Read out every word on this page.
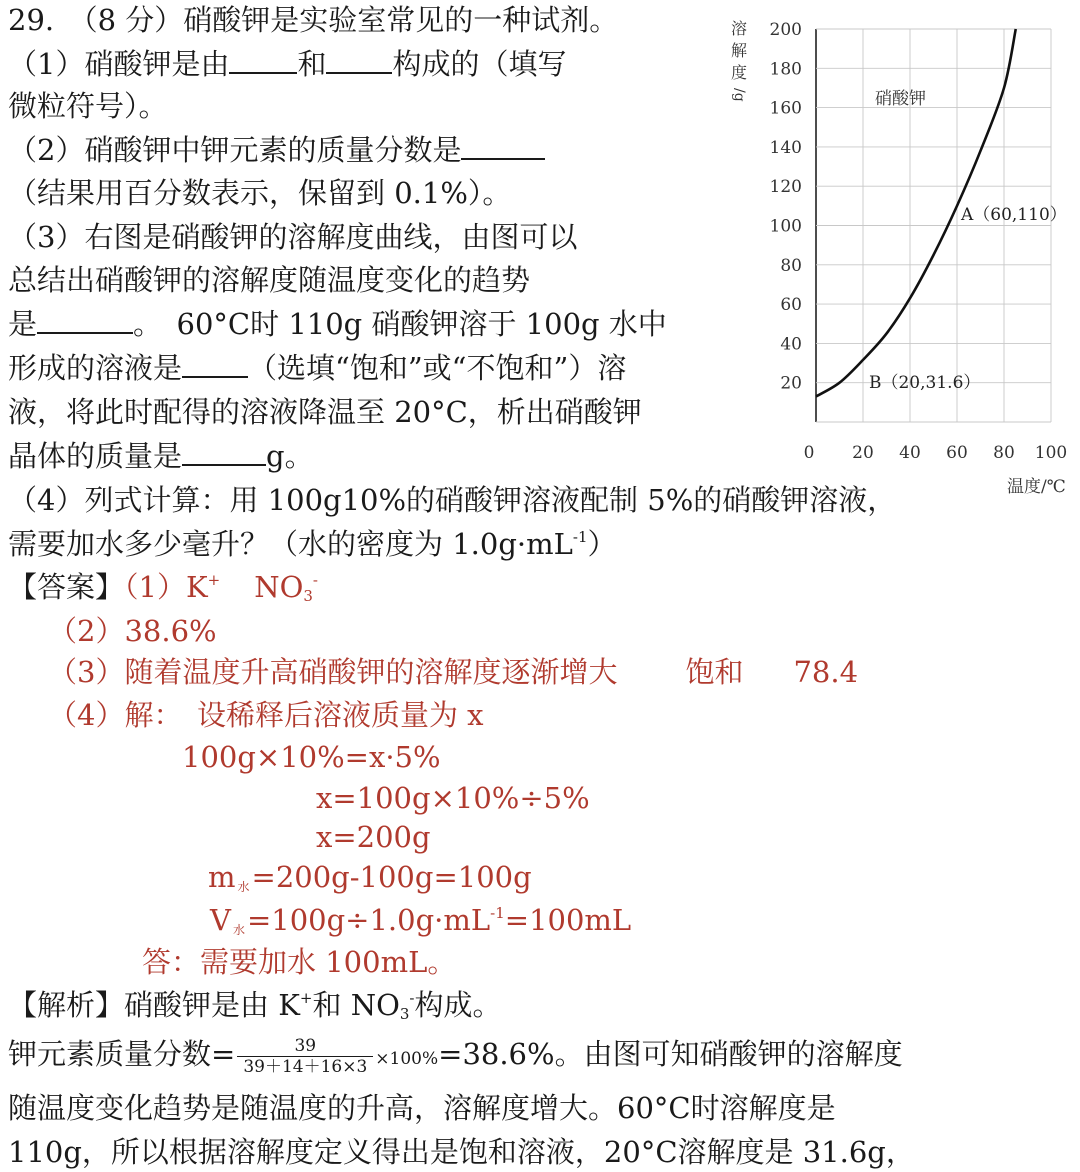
29.　（8 分）硝酸钾是实验室常见的一种试剂。
（1）硝酸钾是由 和 构成的（填写
微粒符号）。
（2）硝酸钾中钾元素的质量分数是
（结果用百分数表示，保留到 0.1%）。
（3）右图是硝酸钾的溶解度曲线，由图可以
总结出硝酸钾的溶解度随温度变化的趋势
是	。　60°C时 110g 硝酸钾溶于 100g 水中
形成的溶液是 （选填“饱和”或“不饱和”）溶
液，将此时配得的溶液降温至 20°C，析出硝酸钾
晶体的质量是	g。
（4）列式计算：用 100g10%的硝酸钾溶液配制 5%的硝酸钾溶液，
需要加水多少毫升？（水的密度为 $1.0g\cdot mL^{-1}$）
【答案】（1）K+ $NO_3^-$
（2）38.6%
（3）随着温度升高硝酸钾的溶解度逐渐增大 饱和 78.4
（4）解：　设稀释后溶液质量为 x
100g×10%=x·5%
x=100g×10%÷5%
x=200g
m $_水$=200g-100g=100g
V $_水=100g\div 1.0g\cdot mL^{-1}=100mL$
答：需要加水 100mL。
【解析】硝酸钾是由 K+和 $NO_3^-$构成。
钾元素质量分数= $\frac{39}{39+14+16\times 3} \times 100\%=38.6\%$。由图可知硝酸钾的溶解度
随温度变化趋势是随温度的升高，溶解度增大。60°C时溶解度是
110g，所以根据溶解度定义得出是饱和溶液，20°C溶解度是 31.6g，
20
40
60
80
100
120
140
160
180
200
0 20 40 60 80 100
溶
解
度
/g
温度/℃
硝酸钾
A（60,110）
B（20,31.6）
